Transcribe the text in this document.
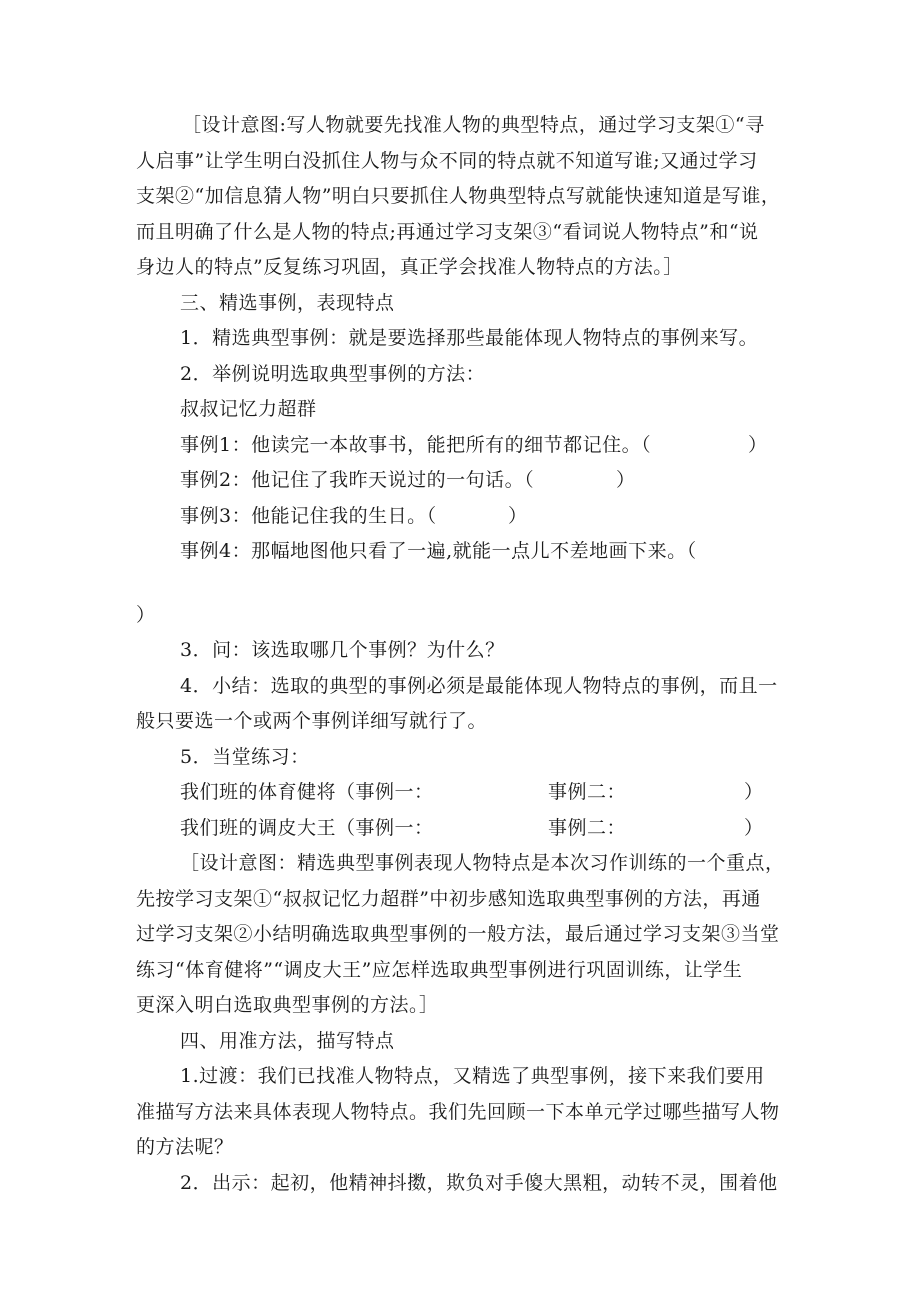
［设计意图:写人物就要先找准人物的典型特点，通过学习支架①“寻
人启事”让学生明白没抓住人物与众不同的特点就不知道写谁;又通过学习
支架②“加信息猜人物”明白只要抓住人物典型特点写就能快速知道是写谁，
而且明确了什么是人物的特点;再通过学习支架③“看词说人物特点”和“说
身边人的特点”反复练习巩固，真正学会找准人物特点的方法。］
三、精选事例，表现特点
1．精选典型事例：就是要选择那些最能体现人物特点的事例来写。
2．举例说明选取典型事例的方法：
叔叔记忆力超群
事例1：他读完一本故事书，能把所有的细节都记住。（	）
事例2：他记住了我昨天说过的一句话。（	）
事例3：他能记住我的生日。（	）
事例4：那幅地图他只看了一遍,就能一点儿不差地画下来。（
）
3．问：该选取哪几个事例？为什么？
4．小结：选取的典型的事例必须是最能体现人物特点的事例，而且一
般只要选一个或两个事例详细写就行了。
5．当堂练习：
我们班的体育健将（事例一：	事例二：	）
我们班的调皮大王（事例一：	事例二：	）
［设计意图：精选典型事例表现人物特点是本次习作训练的一个重点，
先按学习支架①“叔叔记忆力超群”中初步感知选取典型事例的方法，再通
过学习支架②小结明确选取典型事例的一般方法，最后通过学习支架③当堂
练习“体育健将”“调皮大王”应怎样选取典型事例进行巩固训练，让学生
更深入明白选取典型事例的方法。］
四、用准方法，描写特点
1.过渡：我们已找准人物特点，又精选了典型事例，接下来我们要用
准描写方法来具体表现人物特点。我们先回顾一下本单元学过哪些描写人物
的方法呢？
2．出示：起初，他精神抖擞，欺负对手傻大黑粗，动转不灵，围着他
